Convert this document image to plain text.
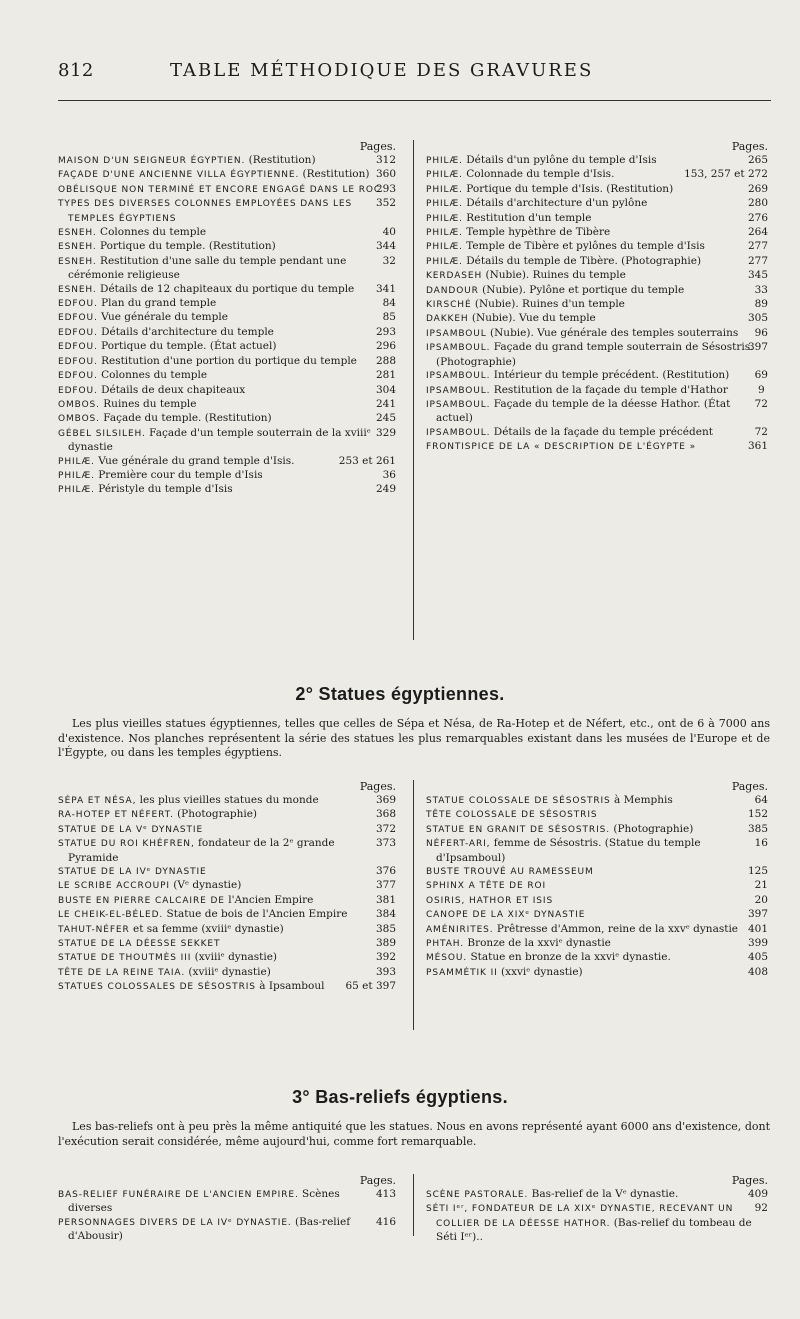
812	TABLE MÉTHODIQUE DES GRAVURES
Pages.
312
MAISON D'UN SEIGNEUR ÉGYPTIEN. (Restitution)
360
FAÇADE D'UNE ANCIENNE VILLA ÉGYPTIENNE. (Restitution)
293
OBÉLISQUE NON TERMINÉ ET ENCORE ENGAGÉ DANS LE ROC
352
TYPES DES DIVERSES COLONNES EMPLOYÉES DANS LES TEMPLES ÉGYPTIENS
40
ESNEH. Colonnes du temple
344
ESNEH. Portique du temple. (Restitution)
32
ESNEH. Restitution d'une salle du temple pendant une cérémonie religieuse
341
ESNEH. Détails de 12 chapiteaux du portique du temple
84
EDFOU. Plan du grand temple
85
EDFOU. Vue générale du temple
293
EDFOU. Détails d'architecture du temple
296
EDFOU. Portique du temple. (État actuel)
288
EDFOU. Restitution d'une portion du portique du temple
281
EDFOU. Colonnes du temple
304
EDFOU. Détails de deux chapiteaux
241
OMBOS. Ruines du temple
245
OMBOS. Façade du temple. (Restitution)
329
GÉBEL SILSILEH. Façade d'un temple souterrain de la xviiiᵉ dynastie
253 et 261
PHILÆ. Vue générale du grand temple d'Isis.
36
PHILÆ. Première cour du temple d'Isis
249
PHILÆ. Péristyle du temple d'Isis
Pages.
265
PHILÆ. Détails d'un pylône du temple d'Isis
153, 257 et 272
PHILÆ. Colonnade du temple d'Isis.
269
PHILÆ. Portique du temple d'Isis. (Restitution)
280
PHILÆ. Détails d'architecture d'un pylône
276
PHILÆ. Restitution d'un temple
264
PHILÆ. Temple hypèthre de Tibère
277
PHILÆ. Temple de Tibère et pylônes du temple d'Isis
277
PHILÆ. Détails du temple de Tibère. (Photographie)
345
KERDASEH (Nubie). Ruines du temple
33
DANDOUR (Nubie). Pylône et portique du temple
89
KIRSCHÉ (Nubie). Ruines d'un temple
305
DAKKEH (Nubie). Vue du temple
96
IPSAMBOUL (Nubie). Vue générale des temples souterrains
397
IPSAMBOUL. Façade du grand temple souterrain de Sésostris. (Photographie)
69
IPSAMBOUL. Intérieur du temple précédent. (Restitution)
9
IPSAMBOUL. Restitution de la façade du temple d'Hathor
72
IPSAMBOUL. Façade du temple de la déesse Hathor. (État actuel)
72
IPSAMBOUL. Détails de la façade du temple précédent
361
FRONTISPICE DE LA « DESCRIPTION DE L'ÉGYPTE »
2° Statues égyptiennes.
Les plus vieilles statues égyptiennes, telles que celles de Sépa et Nésa, de Ra-Hotep et de Néfert, etc., ont de 6 à 7000 ans d'existence. Nos planches représentent la série des statues les plus remarquables existant dans les musées de l'Europe et de l'Égypte, ou dans les temples égyptiens.
Pages.
369
SÉPA ET NÉSA, les plus vieilles statues du monde
368
RA-HOTEP ET NÉFERT. (Photographie)
372
STATUE DE LA Vᵉ DYNASTIE
373
STATUE DU ROI KHÉFREN, fondateur de la 2ᵉ grande Pyramide
376
STATUE DE LA IVᵉ DYNASTIE
377
LE SCRIBE ACCROUPI (Vᵉ dynastie)
381
BUSTE EN PIERRE CALCAIRE DE l'Ancien Empire
384
LE CHEIK-EL-BÉLED. Statue de bois de l'Ancien Empire
385
TAHUT-NÉFER et sa femme (xviiiᵉ dynastie)
389
STATUE DE LA DÉESSE SEKKET
392
STATUE DE THOUTMÈS III (xviiiᵉ dynastie)
393
TÊTE DE LA REINE TAIA. (xviiiᵉ dynastie)
65 et 397
STATUES COLOSSALES DE SÉSOSTRIS à Ipsamboul
Pages.
64
STATUE COLOSSALE DE SÉSOSTRIS à Memphis
152
TÊTE COLOSSALE DE SÉSOSTRIS
385
STATUE EN GRANIT DE SÉSOSTRIS. (Photographie)
16
NÉFERT-ARI, femme de Sésostris. (Statue du temple d'Ipsamboul)
125
BUSTE TROUVÉ AU RAMESSEUM
21
SPHINX A TÊTE DE ROI
20
OSIRIS, HATHOR ET ISIS
397
CANOPE DE LA XIXᵉ DYNASTIE
401
AMÉNIRITES. Prêtresse d'Ammon, reine de la xxvᵉ dynastie
399
PHTAH. Bronze de la xxviᵉ dynastie
405
MÉSOU. Statue en bronze de la xxviᵉ dynastie.
408
PSAMMÉTIK II (xxviᵉ dynastie)
3° Bas-reliefs égyptiens.
Les bas-reliefs ont à peu près la même antiquité que les statues. Nous en avons représenté ayant 6000 ans d'existence, dont l'exécution serait considérée, même aujourd'hui, comme fort remarquable.
Pages.
413
BAS-RELIEF FUNÉRAIRE DE L'ANCIEN EMPIRE. Scènes diverses
416
PERSONNAGES DIVERS DE LA IVᵉ DYNASTIE. (Bas-relief d'Abousir)
Pages.
409
SCÈNE PASTORALE. Bas-relief de la Vᵉ dynastie.
92
SÉTI Iᵉʳ, FONDATEUR DE LA XIXᵉ DYNASTIE, RECEVANT UN COLLIER DE LA DÉESSE HATHOR. (Bas-relief du tombeau de Séti Iᵉʳ)..
